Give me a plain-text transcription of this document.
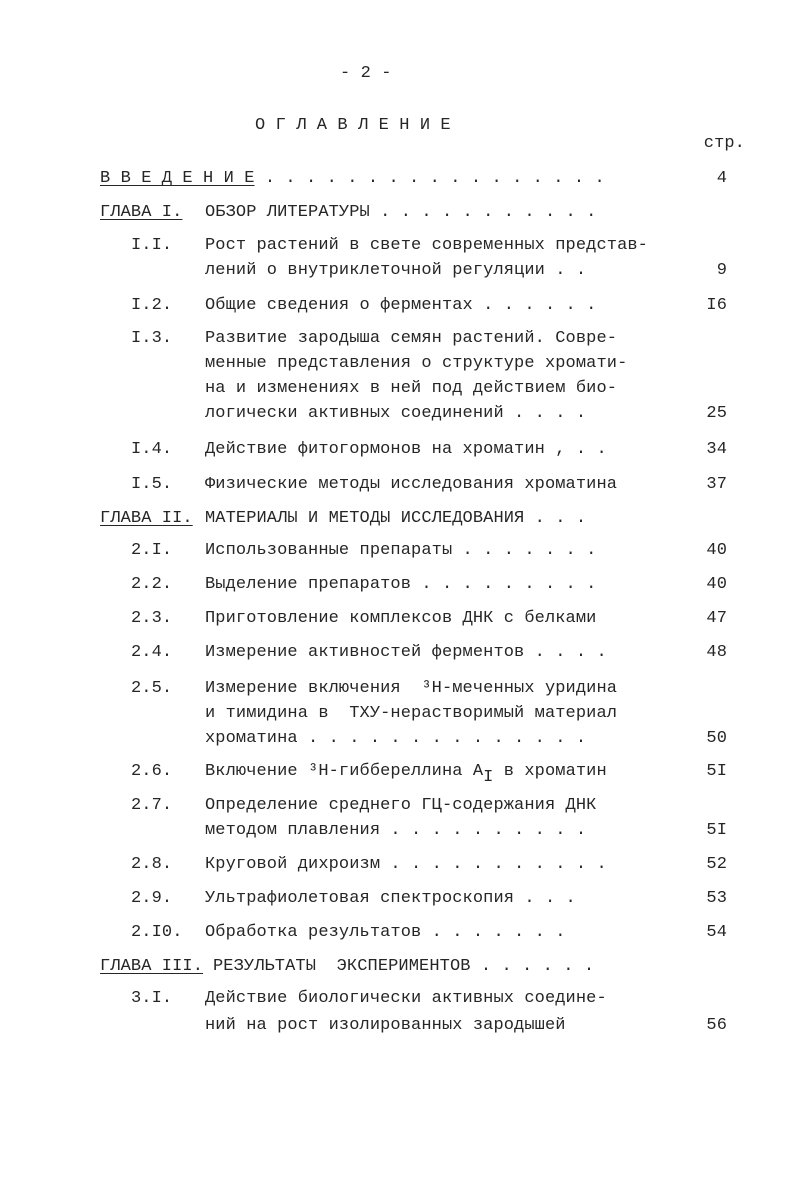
- 2 -
О Г Л А В Л Е Н И Е
стр.
В В Е Д Е Н И Е . . . . . . . . . . . . . . . . .	4
ГЛАВА I. ОБЗОР ЛИТЕРАТУРЫ . . . . . . . . . . .
I.I. Рост растений в свете современных представ-
лений о внутриклеточной регуляции . .	9
I.2. Общие сведения о ферментах . . . . . .	I6
I.3. Развитие зародыша семян растений. Совре-
менные представления о структуре хромати-
на и изменениях в ней под действием био-
логически активных соединений . . . .	25
I.4. Действие фитогормонов на хроматин , . .	34
I.5. Физические методы исследования хроматина	37
ГЛАВА II. МАТЕРИАЛЫ И МЕТОДЫ ИССЛЕДОВАНИЯ . . .
2.I. Использованные препараты . . . . . . .	40
2.2. Выделение препаратов . . . . . . . . .	40
2.3. Приготовление комплексов ДНК с белками	47
2.4. Измерение активностей ферментов . . . .	48
2.5. Измерение включения  ³Н-меченных уридина
и тимидина в  ТХУ-нерастворимый материал
хроматина . . . . . . . . . . . . . .	50
2.6. Включение ³Н-гиббереллина AI в хроматин	5I
2.7. Определение среднего ГЦ-содержания ДНК
методом плавления . . . . . . . . . .	5I
2.8. Круговой дихроизм . . . . . . . . . . .	52
2.9. Ультрафиолетовая спектроскопия . . .	53
2.I0. Обработка результатов . . . . . . .	54
ГЛАВА III. РЕЗУЛЬТАТЫ  ЭКСПЕРИМЕНТОВ . . . . . .
3.I. Действие биологически активных соедине-
ний на рост изолированных зародышей	56
